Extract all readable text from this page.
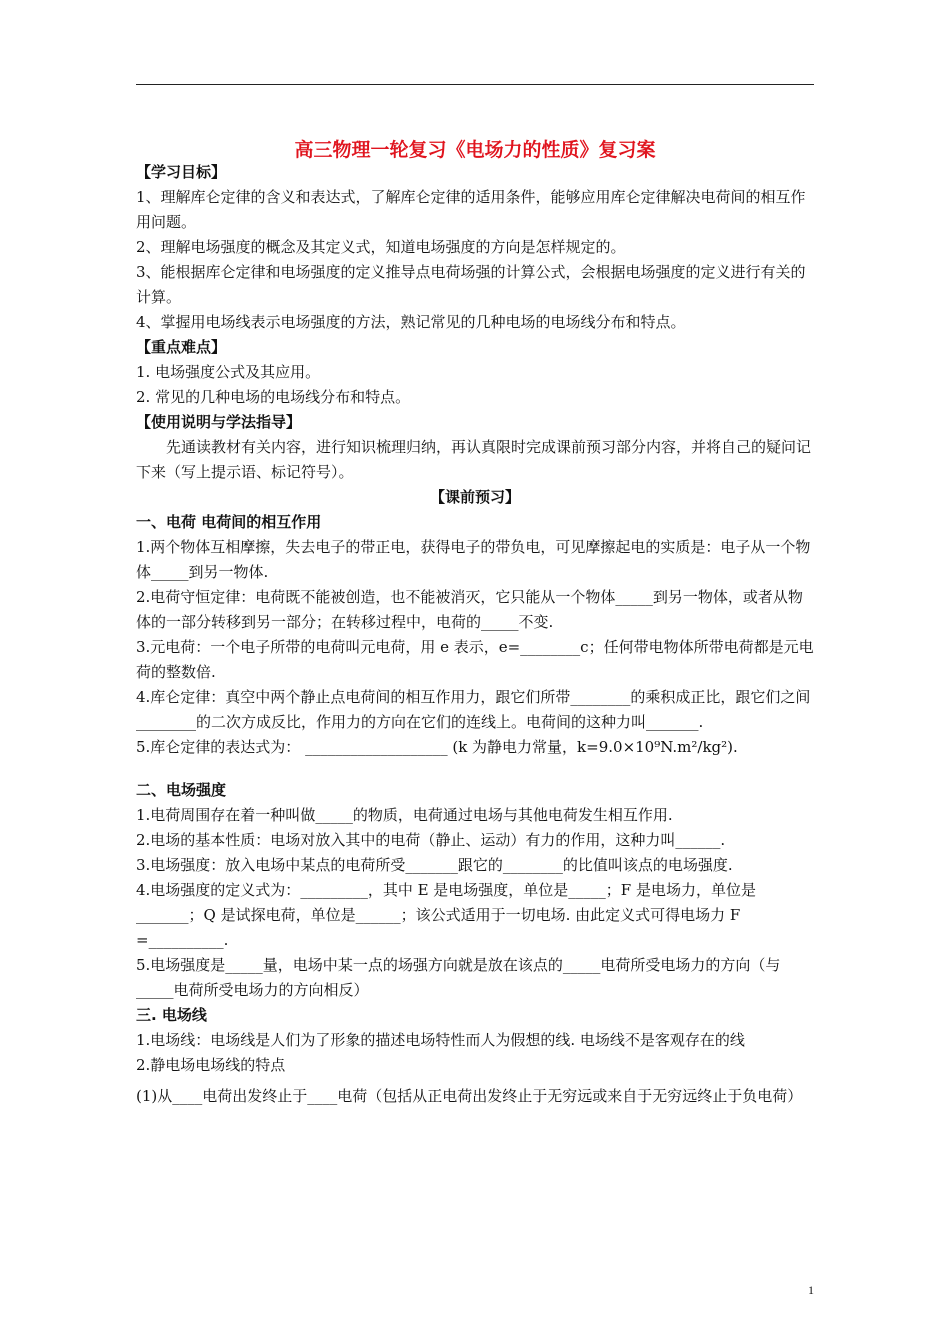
高三物理一轮复习《电场力的性质》复习案
【学习目标】

1、理解库仑定律的含义和表达式，了解库仑定律的适用条件，能够应用库仑定律解决电荷间的相互作用问题。

2、理解电场强度的概念及其定义式，知道电场强度的方向是怎样规定的。

3、能根据库仑定律和电场强度的定义推导点电荷场强的计算公式，会根据电场强度的定义进行有关的计算。

4、掌握用电场线表示电场强度的方法，熟记常见的几种电场的电场线分布和特点。

【重点难点】

1. 电场强度公式及其应用。

2. 常见的几种电场的电场线分布和特点。

【使用说明与学法指导】

先通读教材有关内容，进行知识梳理归纳，再认真限时完成课前预习部分内容，并将自己的疑问记下来（写上提示语、标记符号）。

【课前预习】
一、电荷 电荷间的相互作用

1.两个物体互相摩擦，失去电子的带正电，获得电子的带负电，可见摩擦起电的实质是：电子从一个物体_____到另一物体.

2.电荷守恒定律：电荷既不能被创造，也不能被消灭，它只能从一个物体_____到另一物体，或者从物体的一部分转移到另一部分；在转移过程中，电荷的_____不变.

3.元电荷：一个电子所带的电荷叫元电荷，用 e 表示，e=________c；任何带电物体所带电荷都是元电荷的整数倍.

4.库仑定律：真空中两个静止点电荷间的相互作用力，跟它们所带________的乘积成正比，跟它们之间________的二次方成反比，作用力的方向在它们的连线上。电荷间的这种力叫_______.

5.库仑定律的表达式为： ___________________ (k 为静电力常量，k=9.0×10⁹N.m²/kg²).

二、电场强度

1.电荷周围存在着一种叫做_____的物质，电荷通过电场与其他电荷发生相互作用.

2.电场的基本性质：电场对放入其中的电荷（静止、运动）有力的作用，这种力叫______.

3.电场强度：放入电场中某点的电荷所受_______跟它的________的比值叫该点的电场强度.

4.电场强度的定义式为：_________，其中 E 是电场强度，单位是_____；F 是电场力，单位是_______；Q 是试探电荷，单位是______；该公式适用于一切电场. 由此定义式可得电场力 F =__________.

5.电场强度是_____量，电场中某一点的场强方向就是放在该点的_____电荷所受电场力的方向（与_____电荷所受电场力的方向相反）

三. 电场线

1.电场线：电场线是人们为了形象的描述电场特性而人为假想的线. 电场线不是客观存在的线

2.静电场电场线的特点

(1)从____电荷出发终止于____电荷（包括从正电荷出发终止于无穷远或来自于无穷远终止于负电荷）

1
